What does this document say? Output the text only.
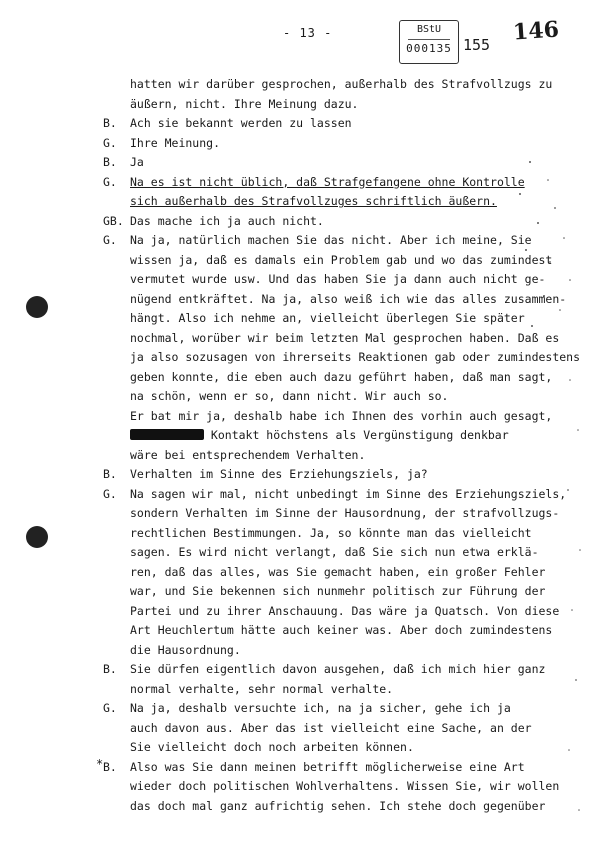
- 13 -	BStU
000135 155 146
*
hatten wir darüber gesprochen, außerhalb des Strafvollzugs zu
äußern, nicht. Ihre Meinung dazu.
B.	Ach sie bekannt werden zu lassen
G.	Ihre Meinung.
B.	Ja
G.	Na es ist nicht üblich, daß Strafgefangene ohne Kontrolle
sich außerhalb des Strafvollzuges schriftlich äußern.
GB. Das mache ich ja auch nicht.
G.	Na ja, natürlich machen Sie das nicht. Aber ich meine, Sie
wissen ja, daß es damals ein Problem gab und wo das zumindest
vermutet wurde usw. Und das haben Sie ja dann auch nicht ge-
nügend entkräftet. Na ja, also weiß ich wie das alles zusammen-
hängt. Also ich nehme an, vielleicht überlegen Sie später
nochmal, worüber wir beim letzten Mal gesprochen haben. Daß es
ja also sozusagen von ihrerseits Reaktionen gab oder zumindestens
geben konnte, die eben auch dazu geführt haben, daß man sagt,
na schön, wenn er so, dann nicht. Wir auch so.
Er bat mir ja, deshalb habe ich Ihnen des vorhin auch gesagt,
Kontakt höchstens als Vergünstigung denkbar
wäre bei entsprechendem Verhalten.
B.	Verhalten im Sinne des Erziehungsziels, ja?
G.	Na sagen wir mal, nicht unbedingt im Sinne des Erziehungsziels,
sondern Verhalten im Sinne der Hausordnung, der strafvollzugs-
rechtlichen Bestimmungen. Ja, so könnte man das vielleicht
sagen. Es wird nicht verlangt, daß Sie sich nun etwa erklä-
ren, daß das alles, was Sie gemacht haben, ein großer Fehler
war, und Sie bekennen sich nunmehr politisch zur Führung der
Partei und zu ihrer Anschauung. Das wäre ja Quatsch. Von diese
Art Heuchlertum hätte auch keiner was. Aber doch zumindestens
die Hausordnung.
B.	Sie dürfen eigentlich davon ausgehen, daß ich mich hier ganz
normal verhalte, sehr normal verhalte.
G.	Na ja, deshalb versuchte ich, na ja sicher, gehe ich ja
auch davon aus. Aber das ist vielleicht eine Sache, an der
Sie vielleicht doch noch arbeiten können.
B.	Also was Sie dann meinen betrifft möglicherweise eine Art
wieder doch politischen Wohlverhaltens. Wissen Sie, wir wollen
das doch mal ganz aufrichtig sehen. Ich stehe doch gegenüber
